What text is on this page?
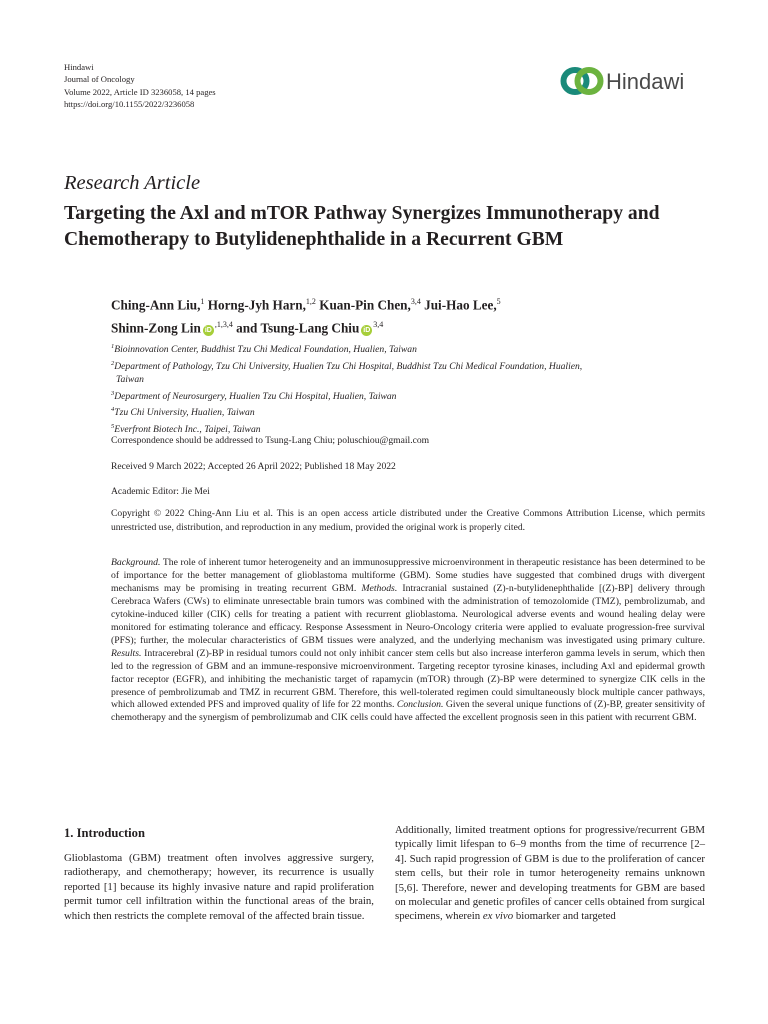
Hindawi
Journal of Oncology
Volume 2022, Article ID 3236058, 14 pages
https://doi.org/10.1155/2022/3236058
Hindawi
Research Article
Targeting the Axl and mTOR Pathway Synergizes Immunotherapy and Chemotherapy to Butylidenephthalide in a Recurrent GBM
Ching-Ann Liu,$^1$ Horng-Jyh Harn,$^{1,2}$ Kuan-Pin Chen,$^{3,4}$ Jui-Hao Lee,$^5$
Shinn-Zong Lin $iD^{,1,3,4}$ and Tsung-Lang Chiu iD$^{3,4}$

$^1$Bioinnovation Center, Buddhist Tzu Chi Medical Foundation, Hualien, Taiwan

$^2$Department of Pathology, Tzu Chi University, Hualien Tzu Chi Hospital, Buddhist Tzu Chi Medical Foundation, Hualien,
Taiwan

$^3$Department of Neurosurgery, Hualien Tzu Chi Hospital, Hualien, Taiwan

$^4$Tzu Chi University, Hualien, Taiwan

$^5$Everfront Biotech Inc., Taipei, Taiwan

Correspondence should be addressed to Tsung-Lang Chiu; poluschiou@gmail.com
Received 9 March 2022; Accepted 26 April 2022; Published 18 May 2022
Academic Editor: Jie Mei
Copyright © 2022 Ching-Ann Liu et al. This is an open access article distributed under the Creative Commons Attribution License, which permits unrestricted use, distribution, and reproduction in any medium, provided the original work is properly cited.
Background. The role of inherent tumor heterogeneity and an immunosuppressive microenvironment in therapeutic resistance has been determined to be of importance for the better management of glioblastoma multiforme (GBM). Some studies have suggested that combined drugs with divergent mechanisms may be promising in treating recurrent GBM. Methods. Intracranial sustained (Z)-n-butylidenephthalide [(Z)-BP] delivery through Cerebraca Wafers (CWs) to eliminate unresectable brain tumors was combined with the administration of temozolomide (TMZ), pembrolizumab, and cytokine-induced killer (CIK) cells for treating a patient with recurrent glioblastoma. Neurological adverse events and wound healing delay were monitored for estimating tolerance and efficacy. Response Assessment in Neuro-Oncology criteria were applied to evaluate progression-free survival (PFS); further, the molecular characteristics of GBM tissues were analyzed, and the underlying mechanism was investigated using primary culture. Results. Intracerebral (Z)-BP in residual tumors could not only inhibit cancer stem cells but also increase interferon gamma levels in serum, which then led to the regression of GBM and an immune-responsive microenvironment. Targeting receptor tyrosine kinases, including Axl and epidermal growth factor receptor (EGFR), and inhibiting the mechanistic target of rapamycin (mTOR) through (Z)-BP were determined to synergize CIK cells in the presence of pembrolizumab and TMZ in recurrent GBM. Therefore, this well-tolerated regimen could simultaneously block multiple cancer pathways, which allowed extended PFS and improved quality of life for 22 months. Conclusion. Given the several unique functions of (Z)-BP, greater sensitivity of chemotherapy and the synergism of pembrolizumab and CIK cells could have affected the excellent prognosis seen in this patient with recurrent GBM.
1. Introduction
Glioblastoma (GBM) treatment often involves aggressive surgery, radiotherapy, and chemotherapy; however, its recurrence is usually reported [1] because its highly invasive nature and rapid proliferation permit tumor cell infiltration within the functional areas of the brain, which then restricts the complete removal of the affected brain tissue.
Additionally, limited treatment options for progressive/recurrent GBM typically limit lifespan to 6–9 months from the time of recurrence [2–4]. Such rapid progression of GBM is due to the proliferation of cancer stem cells, but their role in tumor heterogeneity remains unknown [5,6]. Therefore, newer and developing treatments for GBM are based on molecular and genetic profiles of cancer cells obtained from surgical specimens, wherein ex vivo biomarker and targeted
